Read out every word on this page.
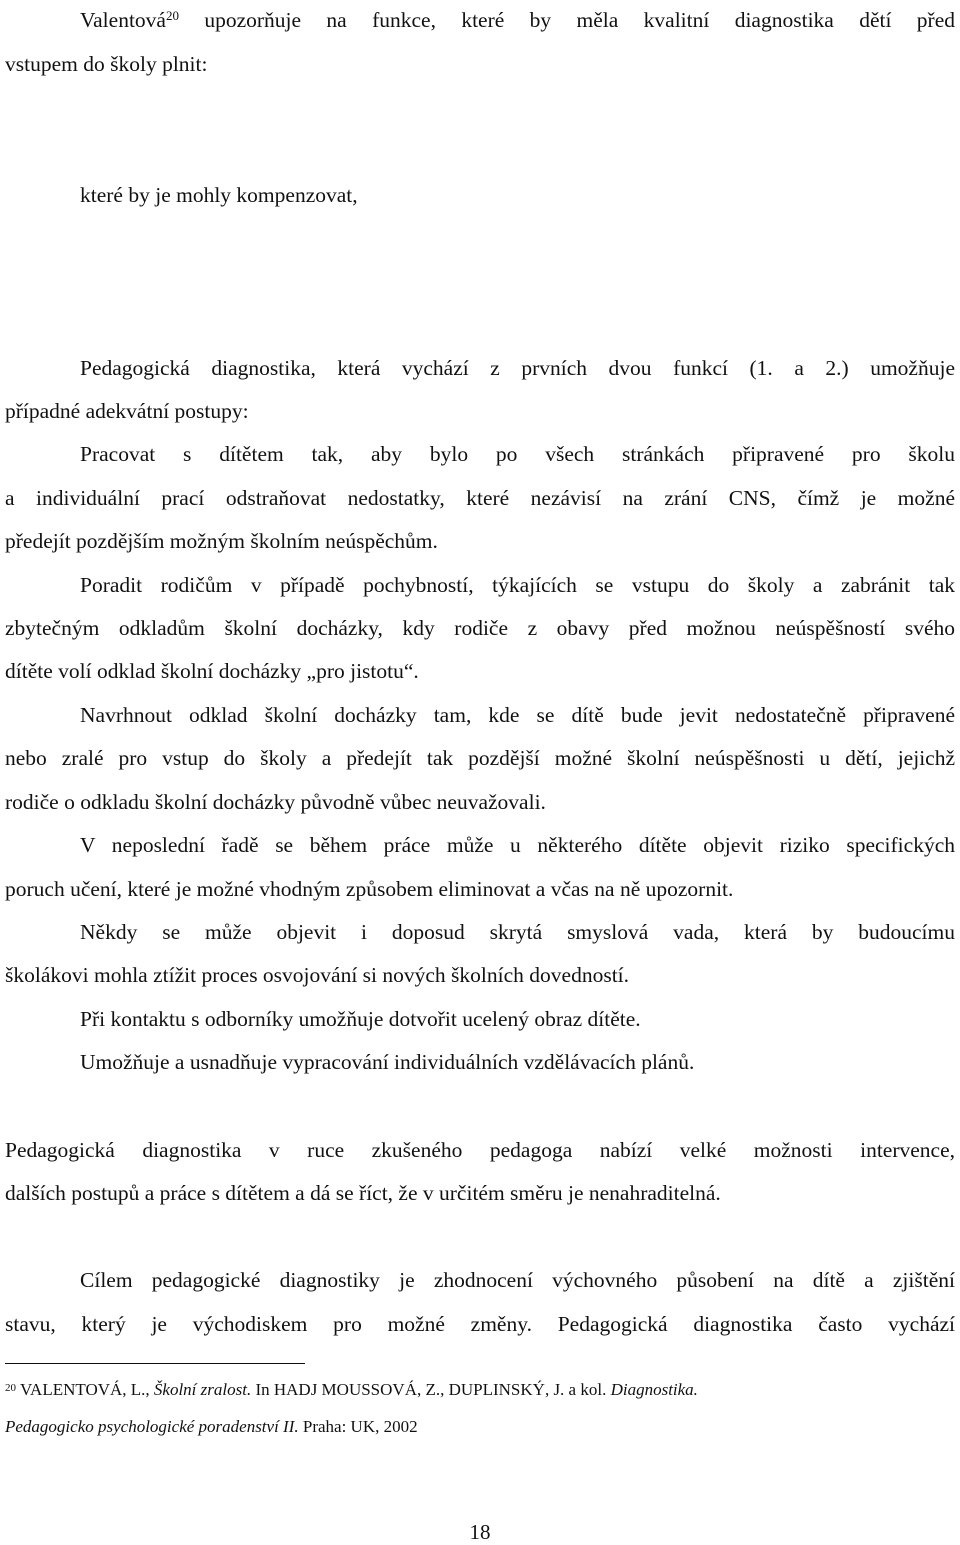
Valentová$^{20}$ upozorňuje na funkce, které by měla kvalitní diagnostika dětí před
vstupem do školy plnit:
které by je mohly kompenzovat,
Pedagogická diagnostika, která vychází z prvních dvou funkcí (1. a 2.) umožňuje
případné adekvátní postupy:
Pracovat s dítětem tak, aby bylo po všech stránkách připravené pro školu
a individuální prací odstraňovat nedostatky, které nezávisí na zrání CNS, čímž je možné
předejít pozdějším možným školním neúspěchům.
Poradit rodičům v případě pochybností, týkajících se vstupu do školy a zabránit tak
zbytečným odkladům školní docházky, kdy rodiče z obavy před možnou neúspěšností svého
dítěte volí odklad školní docházky „pro jistotu“.
Navrhnout odklad školní docházky tam, kde se dítě bude jevit nedostatečně připravené
nebo zralé pro vstup do školy a předejít tak pozdější možné školní neúspěšnosti u dětí, jejichž
rodiče o odkladu školní docházky původně vůbec neuvažovali.
V neposlední řadě se během práce může u některého dítěte objevit riziko specifických
poruch učení, které je možné vhodným způsobem eliminovat a včas na ně upozornit.
Někdy se může objevit i doposud skrytá smyslová vada, která by budoucímu
školákovi mohla ztížit proces osvojování si nových školních dovedností.
Při kontaktu s odborníky umožňuje dotvořit ucelený obraz dítěte.
Umožňuje a usnadňuje vypracování individuálních vzdělávacích plánů.
Pedagogická diagnostika v ruce zkušeného pedagoga nabízí velké možnosti intervence,
dalších postupů a práce s dítětem a dá se říct, že v určitém směru je nenahraditelná.
Cílem pedagogické diagnostiky je zhodnocení výchovného působení na dítě a zjištění
stavu, který je východiskem pro možné změny. Pedagogická diagnostika často vychází
$^{20}$ VALENTOVÁ, L., Školní zralost. In HADJ MOUSSOVÁ, Z., DUPLINSKÝ, J. a kol. Diagnostika.
Pedagogicko psychologické poradenství II. Praha: UK, 2002
18
